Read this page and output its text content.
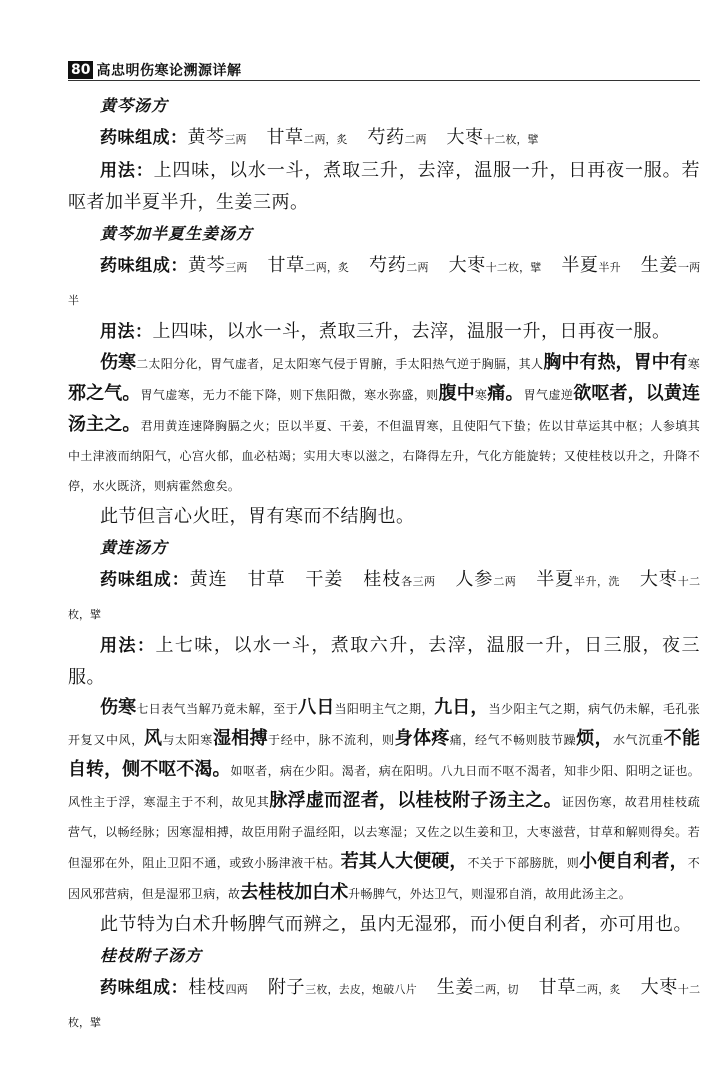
80 高忠明伤寒论溯源详解

黄芩汤方

药味组成：黄芩三两 甘草二两，炙 芍药二两 大枣十二枚，擘

用法：上四味，以水一斗，煮取三升，去滓，温服一升，日再夜一服。若呕者加半夏半升，生姜三两。

黄芩加半夏生姜汤方

药味组成：黄芩三两 甘草二两，炙 芍药二两 大枣十二枚，擘 半夏半升 生姜一两半

用法：上四味，以水一斗，煮取三升，去滓，温服一升，日再夜一服。

伤寒二太阳分化，胃气虚者，足太阳寒气侵于胃腑，手太阳热气逆于胸膈，其人胸中有热，胃中有寒邪之气。胃气虚寒，无力不能下降，则下焦阳微，寒水弥盛，则腹中寒痛。胃气虚逆欲呕者，以黄连汤主之。君用黄连速降胸膈之火；臣以半夏、干姜，不但温胃寒，且使阳气下蛰；佐以甘草运其中枢；人参填其中土津液而纳阳气，心宫火郁，血必枯竭；实用大枣以滋之，右降得左升，气化方能旋转；又使桂枝以升之，升降不停，水火既济，则病霍然愈矣。

此节但言心火旺，胃有寒而不结胸也。

黄连汤方

药味组成：黄连 甘草 干姜 桂枝各三两 人参二两 半夏半升，洗 大枣十二枚，擘

用法：上七味，以水一斗，煮取六升，去滓，温服一升，日三服，夜三服。

伤寒七日表气当解乃竟未解，至于八日当阳明主气之期，九日，当少阳主气之期，病气仍未解，毛孔张开复又中风，风与太阳寒湿相搏于经中，脉不流利，则身体疼痛，经气不畅则肢节躁烦，水气沉重不能自转，侧不呕不渴。如呕者，病在少阳。渴者，病在阳明。八九日而不呕不渴者，知非少阳、阳明之证也。风性主于浮，寒湿主于不利，故见其脉浮虚而涩者，以桂枝附子汤主之。证因伤寒，故君用桂枝疏营气，以畅经脉；因寒湿相搏，故臣用附子温经阳，以去寒湿；又佐之以生姜和卫，大枣滋营，甘草和解则得矣。若但湿邪在外，阻止卫阳不通，或致小肠津液干枯。若其人大便硬，不关于下部膀胱，则小便自利者，不因风邪营病，但是湿邪卫病，故去桂枝加白术升畅脾气，外达卫气，则湿邪自消，故用此汤主之。

此节特为白术升畅脾气而辨之，虽内无湿邪，而小便自利者，亦可用也。

桂枝附子汤方

药味组成：桂枝四两 附子三枚，去皮，炮破八片 生姜二两，切 甘草二两，炙 大枣十二枚，擘
